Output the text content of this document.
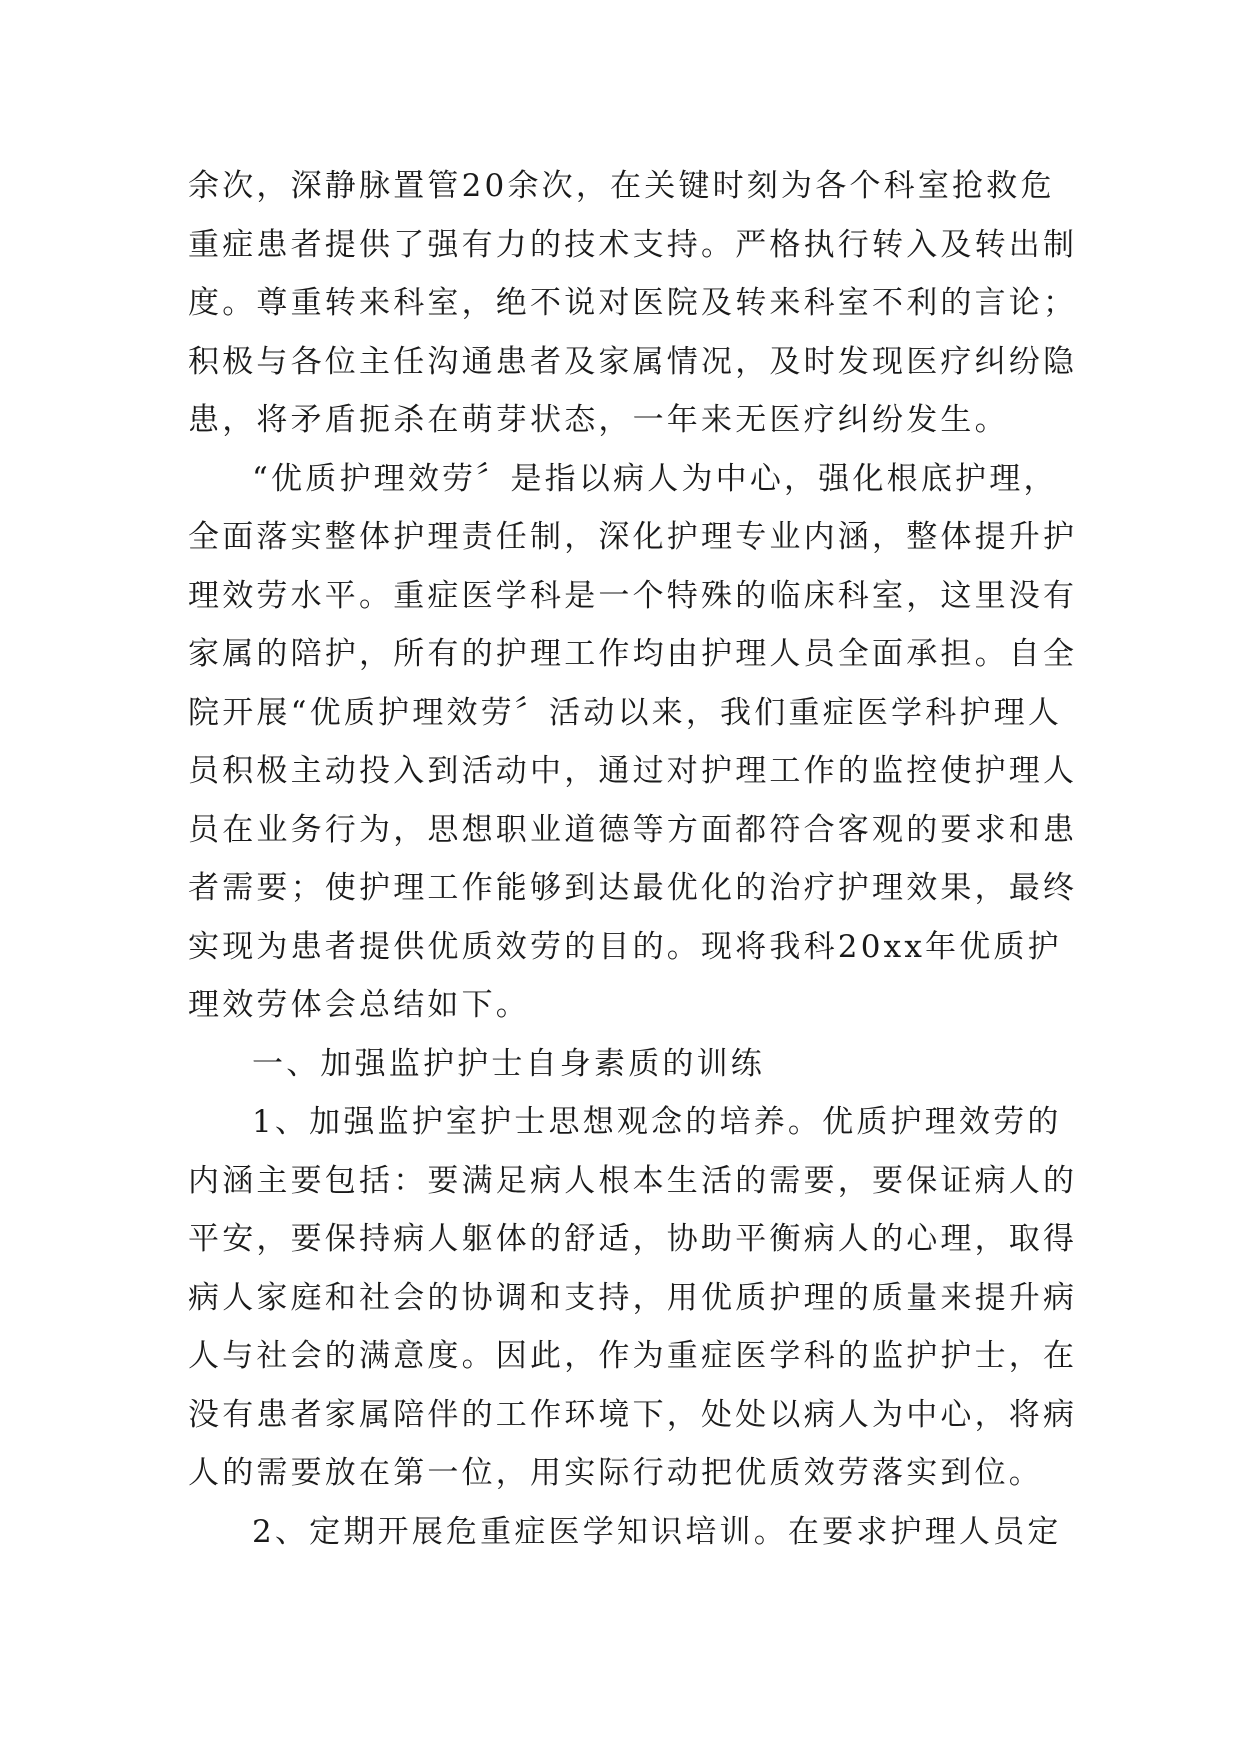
余次，深静脉置管20余次，在关键时刻为各个科室抢救危
重症患者提供了强有力的技术支持。严格执行转入及转出制
度。尊重转来科室，绝不说对医院及转来科室不利的言论；
积极与各位主任沟通患者及家属情况，及时发现医疗纠纷隐
患，将矛盾扼杀在萌芽状态，一年来无医疗纠纷发生。
“优质护理效劳〞是指以病人为中心，强化根底护理，
全面落实整体护理责任制，深化护理专业内涵，整体提升护
理效劳水平。重症医学科是一个特殊的临床科室，这里没有
家属的陪护，所有的护理工作均由护理人员全面承担。自全
院开展“优质护理效劳〞活动以来，我们重症医学科护理人
员积极主动投入到活动中，通过对护理工作的监控使护理人
员在业务行为，思想职业道德等方面都符合客观的要求和患
者需要；使护理工作能够到达最优化的治疗护理效果，最终
实现为患者提供优质效劳的目的。现将我科20xx年优质护
理效劳体会总结如下。
一、加强监护护士自身素质的训练
1、加强监护室护士思想观念的培养。优质护理效劳的
内涵主要包括：要满足病人根本生活的需要，要保证病人的
平安，要保持病人躯体的舒适，协助平衡病人的心理，取得
病人家庭和社会的协调和支持，用优质护理的质量来提升病
人与社会的满意度。因此，作为重症医学科的监护护士，在
没有患者家属陪伴的工作环境下，处处以病人为中心，将病
人的需要放在第一位，用实际行动把优质效劳落实到位。
2、定期开展危重症医学知识培训。在要求护理人员定
